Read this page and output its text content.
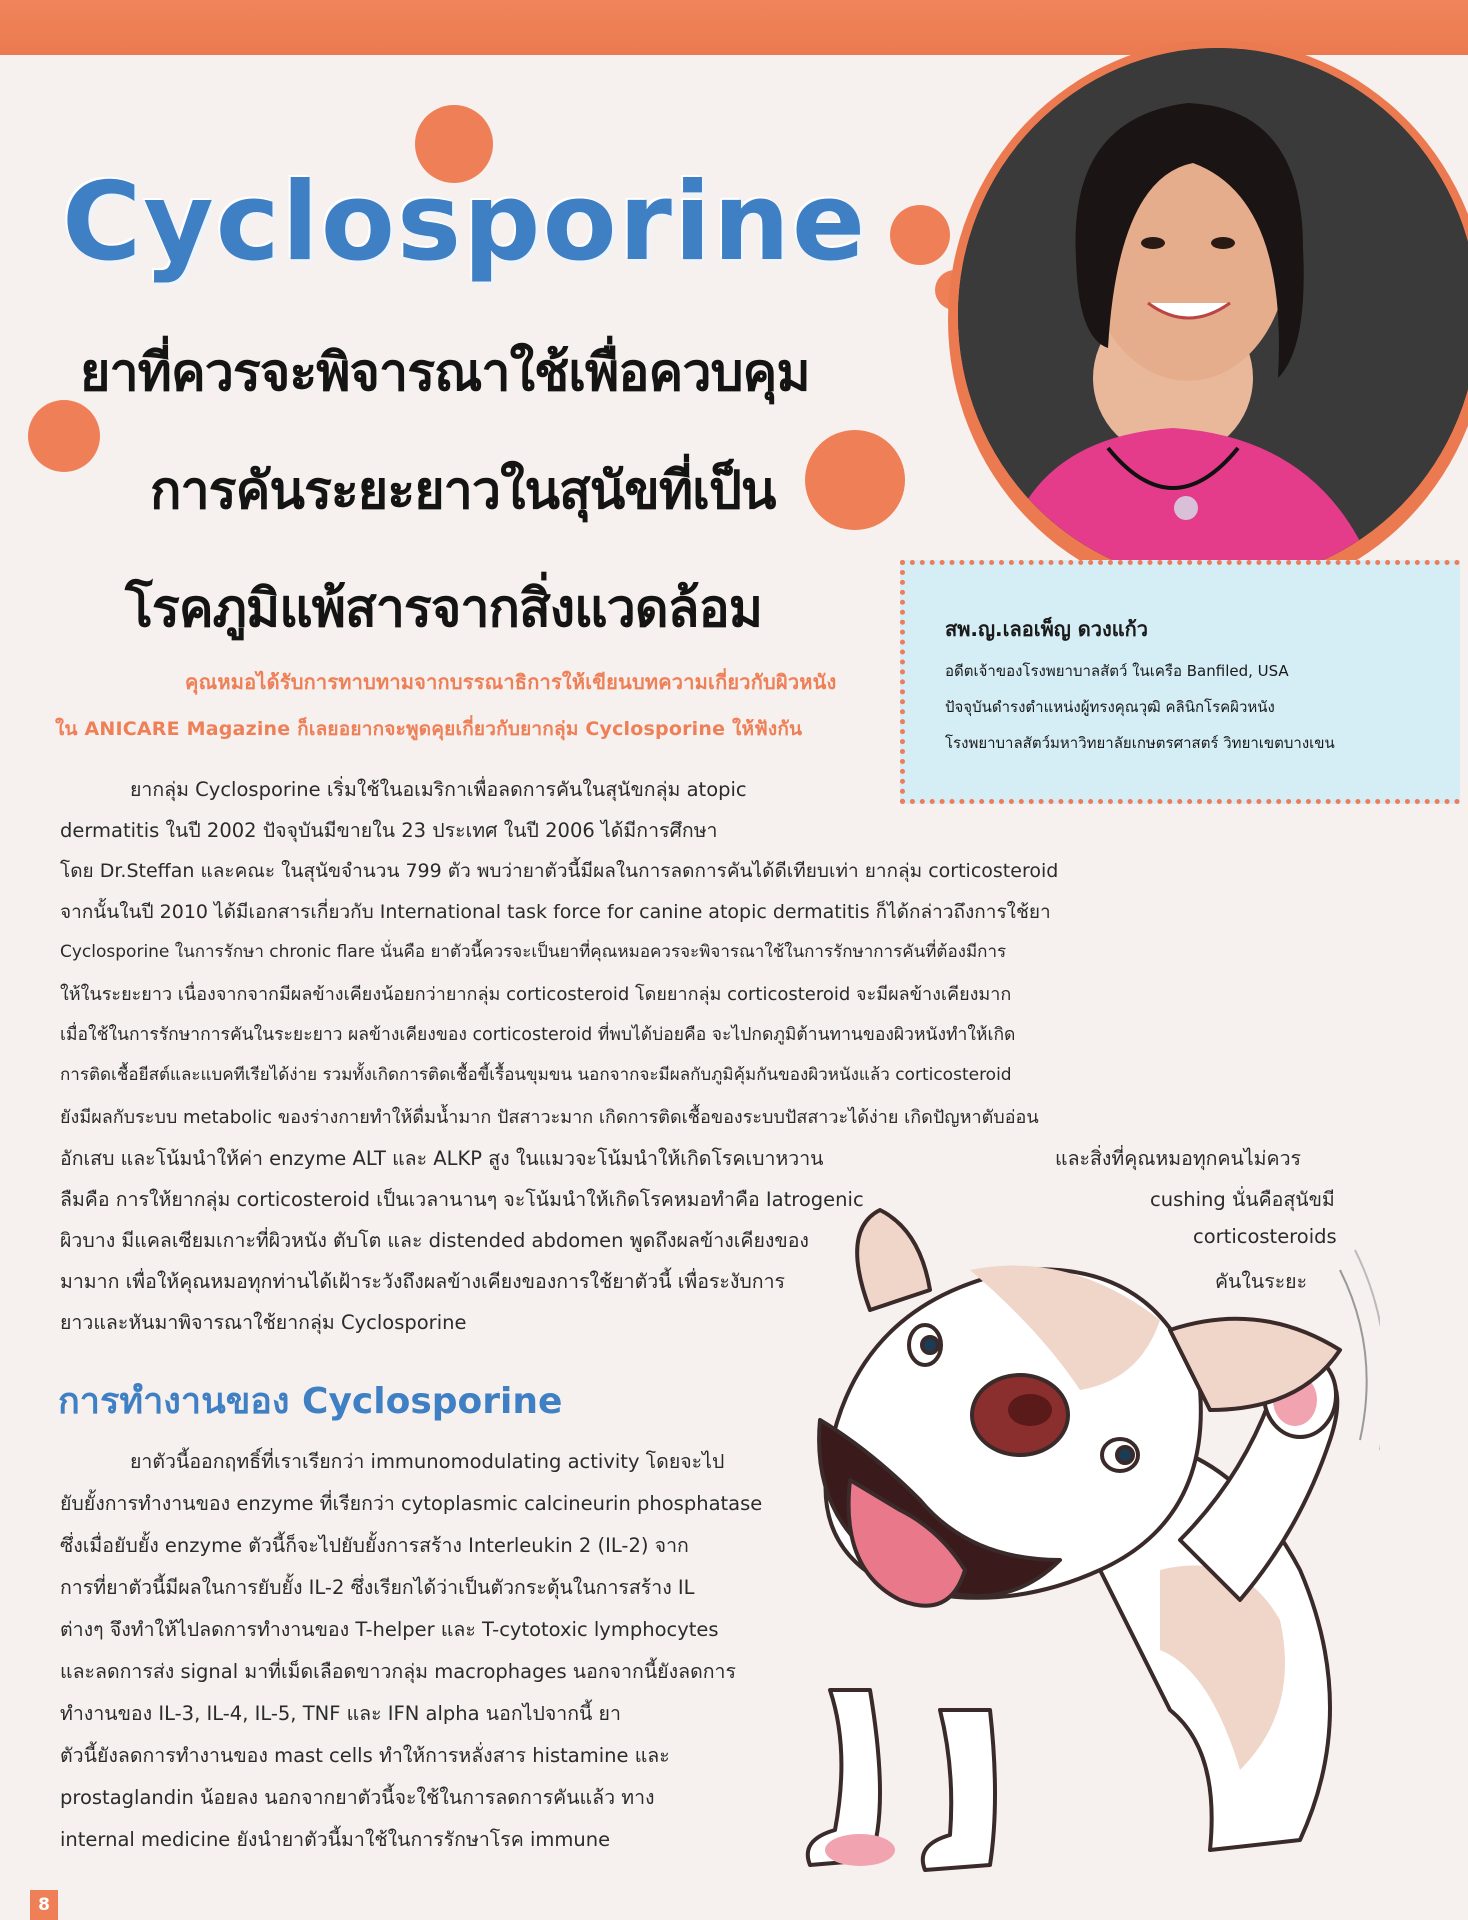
Cyclosporine
ยาที่ควรจะพิจารณาใช้เพื่อควบคุม
การคันระยะยาวในสุนัขที่เป็น
โรคภูมิแพ้สารจากสิ่งแวดล้อม	สพ.ญ.เลอเพ็ญ ดวงแก้ว
อดีตเจ้าของโรงพยาบาลสัตว์ ในเครือ Banfiled, USA
ปัจจุบันดำรงตำแหน่งผู้ทรงคุณวุฒิ คลินิกโรคผิวหนัง
โรงพยาบาลสัตว์มหาวิทยาลัยเกษตรศาสตร์ วิทยาเขตบางเขน
คุณหมอได้รับการทาบทามจากบรรณาธิการให้เขียนบทความเกี่ยวกับผิวหนัง
ใน ANICARE Magazine ก็เลยอยากจะพูดคุยเกี่ยวกับยากลุ่ม Cyclosporine ให้ฟังกัน
ยากลุ่ม Cyclosporine เริ่มใช้ในอเมริกาเพื่อลดการคันในสุนัขกลุ่ม atopic
dermatitis ในปี 2002 ปัจจุบันมีขายใน 23 ประเทศ ในปี 2006 ได้มีการศึกษา
โดย Dr.Steffan และคณะ ในสุนัขจำนวน 799 ตัว พบว่ายาตัวนี้มีผลในการลดการคันได้ดีเทียบเท่า ยากลุ่ม corticosteroid
จากนั้นในปี 2010 ได้มีเอกสารเกี่ยวกับ International task force for canine atopic dermatitis ก็ได้กล่าวถึงการใช้ยา
Cyclosporine ในการรักษา chronic flare นั่นคือ ยาตัวนี้ควรจะเป็นยาที่คุณหมอควรจะพิจารณาใช้ในการรักษาการคันที่ต้องมีการ
ให้ในระยะยาว เนื่องจากจากมีผลข้างเคียงน้อยกว่ายากลุ่ม corticosteroid โดยยากลุ่ม corticosteroid จะมีผลข้างเคียงมาก
เมื่อใช้ในการรักษาการคันในระยะยาว ผลข้างเคียงของ corticosteroid ที่พบได้บ่อยคือ จะไปกดภูมิต้านทานของผิวหนังทำให้เกิด
การติดเชื้อยีสต์และแบคทีเรียได้ง่าย รวมทั้งเกิดการติดเชื้อขี้เรื้อนขุมขน นอกจากจะมีผลกับภูมิคุ้มกันของผิวหนังแล้ว corticosteroid
ยังมีผลกับระบบ metabolic ของร่างกายทำให้ดื่มน้ำมาก ปัสสาวะมาก เกิดการติดเชื้อของระบบปัสสาวะได้ง่าย เกิดปัญหาตับอ่อน
อักเสบ และโน้มนำให้ค่า enzyme ALT และ ALKP สูง ในแมวจะโน้มนำให้เกิดโรคเบาหวาน
ลืมคือ การให้ยากลุ่ม corticosteroid เป็นเวลานานๆ จะโน้มนำให้เกิดโรคหมอทำคือ Iatrogenic
ผิวบาง มีแคลเซียมเกาะที่ผิวหนัง ตับโต และ distended abdomen พูดถึงผลข้างเคียงของ
มามาก เพื่อให้คุณหมอทุกท่านได้เฝ้าระวังถึงผลข้างเคียงของการใช้ยาตัวนี้ เพื่อระงับการ
ยาวและหันมาพิจารณาใช้ยากลุ่ม Cyclosporine
และสิ่งที่คุณหมอทุกคนไม่ควร
cushing นั่นคือสุนัขมี
corticosteroids
คันในระยะ
การทำงานของ Cyclosporine
ยาตัวนี้ออกฤทธิ์ที่เราเรียกว่า immunomodulating activity โดยจะไป
ยับยั้งการทำงานของ enzyme ที่เรียกว่า cytoplasmic calcineurin phosphatase
ซึ่งเมื่อยับยั้ง enzyme ตัวนี้ก็จะไปยับยั้งการสร้าง Interleukin 2 (IL-2) จาก
การที่ยาตัวนี้มีผลในการยับยั้ง IL-2 ซึ่งเรียกได้ว่าเป็นตัวกระตุ้นในการสร้าง IL
ต่างๆ จึงทำให้ไปลดการทำงานของ T-helper และ T-cytotoxic lymphocytes
และลดการส่ง signal มาที่เม็ดเลือดขาวกลุ่ม macrophages นอกจากนี้ยังลดการ
ทำงานของ IL-3, IL-4, IL-5, TNF และ IFN alpha นอกไปจากนี้ ยา
ตัวนี้ยังลดการทำงานของ mast cells ทำให้การหลั่งสาร histamine และ
prostaglandin น้อยลง นอกจากยาตัวนี้จะใช้ในการลดการคันแล้ว ทาง
internal medicine ยังนำยาตัวนี้มาใช้ในการรักษาโรค immune
8
